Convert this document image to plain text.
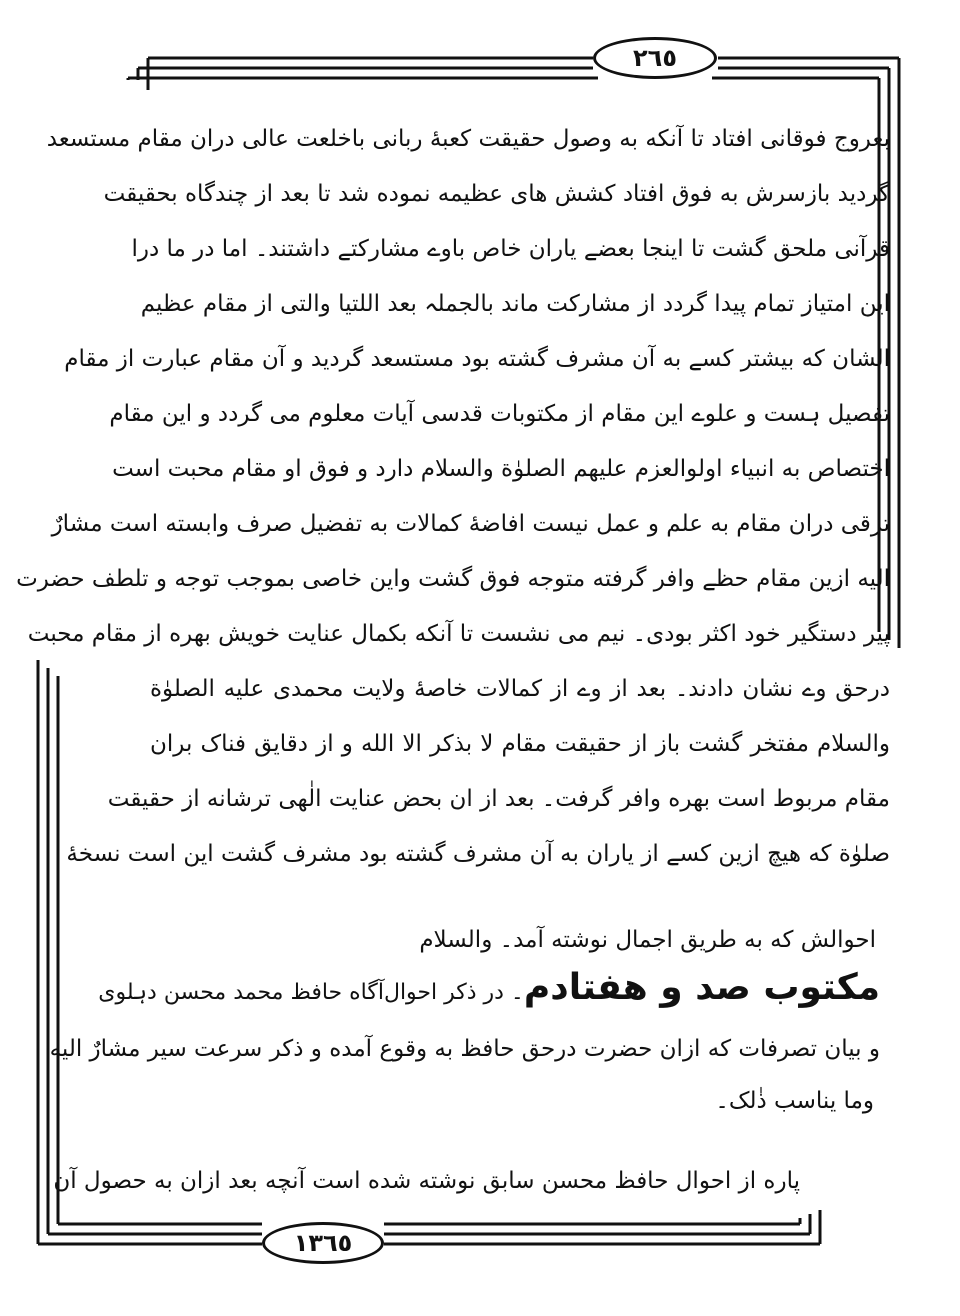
٢٦٥
بعروج فوقانی افتاد تا آنکه به وصول حقیقت کعبهٔ ربانی باخلعت عالی دران مقام مستسعد
گردید بازسرش به فوق افتاد کشش های عظیمه نموده شد تا بعد از چندگاه بحقیقت
قرآنی ملحق گشت تا اینجا بعضے یاران خاص باوے مشارکتے داشتند۔ اما در ما درا
این امتیاز تمام پیدا گردد از مشارکت ماند بالجملہ بعد اللتیا والتی از مقام عظیم
الشان که بیشتر کسے به آن مشرف گشته بود مستسعد گردید و آن مقام عبارت از مقام
تفصیل ہست و علوے این مقام از مکتوبات قدسی آیات معلوم می گردد و این مقام
اختصاص به انبیاء اولوالعزم علیهم الصلوٰة والسلام دارد و فوق او مقام محبت است
ترقی دران مقام به علم و عمل نیست افاضهٔ کمالات به تفضیل صرف وابسته است مشارٌ
الیه ازین مقام حظے وافر گرفته متوجه فوق گشت واین خاصی بموجب توجه و تلطف حضرت
پیر دستگیر خود اکثر بودی۔ نیم می نشست تا آنکه بکمال عنایت خویش بهره از مقام محبت
درحق وے نشان دادند۔ بعد از وے از کمالات خاصهٔ ولایت محمدی علیه الصلوٰة
والسلام مفتخر گشت باز از حقیقت مقام لا بذکر الا الله و از دقایق فناک بران
مقام مربوط است بهره وافر گرفت۔ بعد از ان بحض عنایت الٰهی ترشانه از حقیقت
صلوٰة که هیچ ازین کسے از یاران به آن مشرف گشته بود مشرف گشت این است نسخهٔ
احوالش که به طریق اجمال نوشته آمد۔ والسلام
مکتوب صد و هفتادم
۔ در ذکر احوال
آگاه حافظ محمد محسن دہلوی
و بیان تصرفات که ازان حضرت درحق حافظ به وقوع آمده و ذکر سرعت سیر مشارٌ الیه
وما یناسب ذٰلک۔
پاره از احوال حافظ محسن سابق نوشته شده است آنچه بعد ازان به حصول آن
١٣٦٥
